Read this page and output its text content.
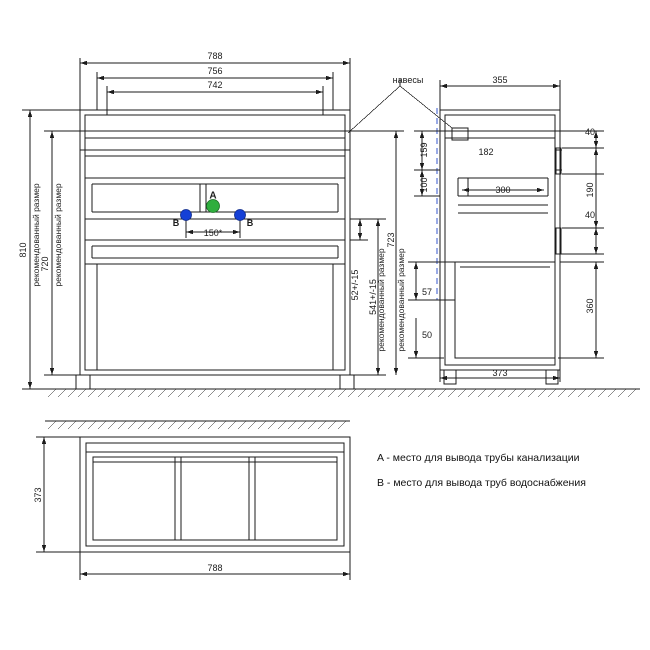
788
756
742
150*
810
720
рекомендованный размер рекомендованный размер	52+/-15 541+/-15
723
рекомендованный размер рекомендованный размер
навесы
A
B	B
355
159
100
57
50
40
182
190
300
40
360
373
373
788
A - место для вывода трубы канализации
B - место для вывода труб водоснабжения
